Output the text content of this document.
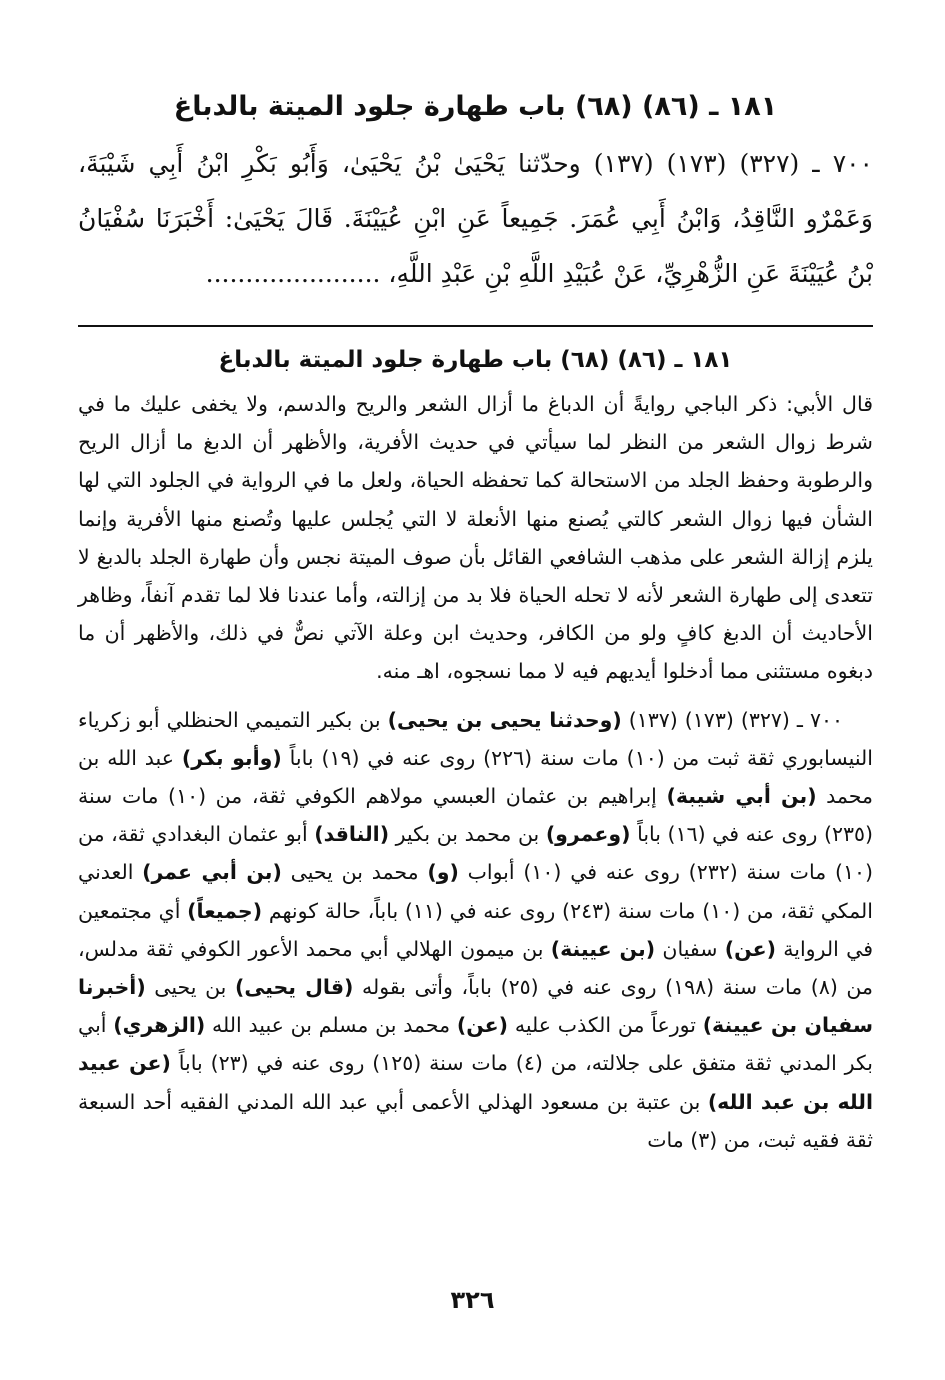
١٨١ ـ (٨٦) (٦٨) باب طهارة جلود الميتة بالدباغ

٧٠٠ ـ (٣٢٧) (١٧٣) (١٣٧) وحدّثنا يَحْيَىٰ بْنُ يَحْيَىٰ، وَأَبُو بَكْرِ ابْنُ أَبِي شَيْبَةَ، وَعَمْرٌو النَّاقِدُ، وَابْنُ أَبِي عُمَرَ. جَمِيعاً عَنِ ابْنِ عُيَيْنَةَ. قَالَ يَحْيَىٰ: أَخْبَرَنَا سُفْيَانُ بْنُ عُيَيْنَةَ عَنِ الزُّهْرِيِّ، عَنْ عُبَيْدِ اللَّهِ بْنِ عَبْدِ اللَّهِ، ......................

١٨١ ـ (٨٦) (٦٨) باب طهارة جلود الميتة بالدباغ

قال الأبي: ذكر الباجي روايةً أن الدباغ ما أزال الشعر والريح والدسم، ولا يخفى عليك ما في شرط زوال الشعر من النظر لما سيأتي في حديث الأفرية، والأظهر أن الدبغ ما أزال الريح والرطوبة وحفظ الجلد من الاستحالة كما تحفظه الحياة، ولعل ما في الرواية في الجلود التي لها الشأن فيها زوال الشعر كالتي يُصنع منها الأنعلة لا التي يُجلس عليها وتُصنع منها الأفرية وإنما يلزم إزالة الشعر على مذهب الشافعي القائل بأن صوف الميتة نجس وأن طهارة الجلد بالدبغ لا تتعدى إلى طهارة الشعر لأنه لا تحله الحياة فلا بد من إزالته، وأما عندنا فلا لما تقدم آنفاً، وظاهر الأحاديث أن الدبغ كافٍ ولو من الكافر، وحديث ابن وعلة الآتي نصٌّ في ذلك، والأظهر أن ما دبغوه مستثنى مما أدخلوا أيديهم فيه لا مما نسجوه، اهـ منه.

٧٠٠ ـ (٣٢٧) (١٧٣) (١٣٧) (وحدثنا يحيى بن يحيى) بن بكير التميمي الحنظلي أبو زكرياء النيسابوري ثقة ثبت من (١٠) مات سنة (٢٢٦) روى عنه في (١٩) باباً (وأبو بكر) عبد الله بن محمد (بن أبي شيبة) إبراهيم بن عثمان العبسي مولاهم الكوفي ثقة، من (١٠) مات سنة (٢٣٥) روى عنه في (١٦) باباً (وعمرو) بن محمد بن بكير (الناقد) أبو عثمان البغدادي ثقة، من (١٠) مات سنة (٢٣٢) روى عنه في (١٠) أبواب (و) محمد بن يحيى (بن أبي عمر) العدني المكي ثقة، من (١٠) مات سنة (٢٤٣) روى عنه في (١١) باباً، حالة كونهم (جميعاً) أي مجتمعين في الرواية (عن) سفيان (بن عيينة) بن ميمون الهلالي أبي محمد الأعور الكوفي ثقة مدلس، من (٨) مات سنة (١٩٨) روى عنه في (٢٥) باباً، وأتى بقوله (قال يحيى) بن يحيى (أخبرنا سفيان بن عيينة) تورعاً من الكذب عليه (عن) محمد بن مسلم بن عبيد الله (الزهري) أبي بكر المدني ثقة متفق على جلالته، من (٤) مات سنة (١٢٥) روى عنه في (٢٣) باباً (عن عبيد الله بن عبد الله) بن عتبة بن مسعود الهذلي الأعمى أبي عبد الله المدني الفقيه أحد السبعة ثقة فقيه ثبت، من (٣) مات

٣٢٦
